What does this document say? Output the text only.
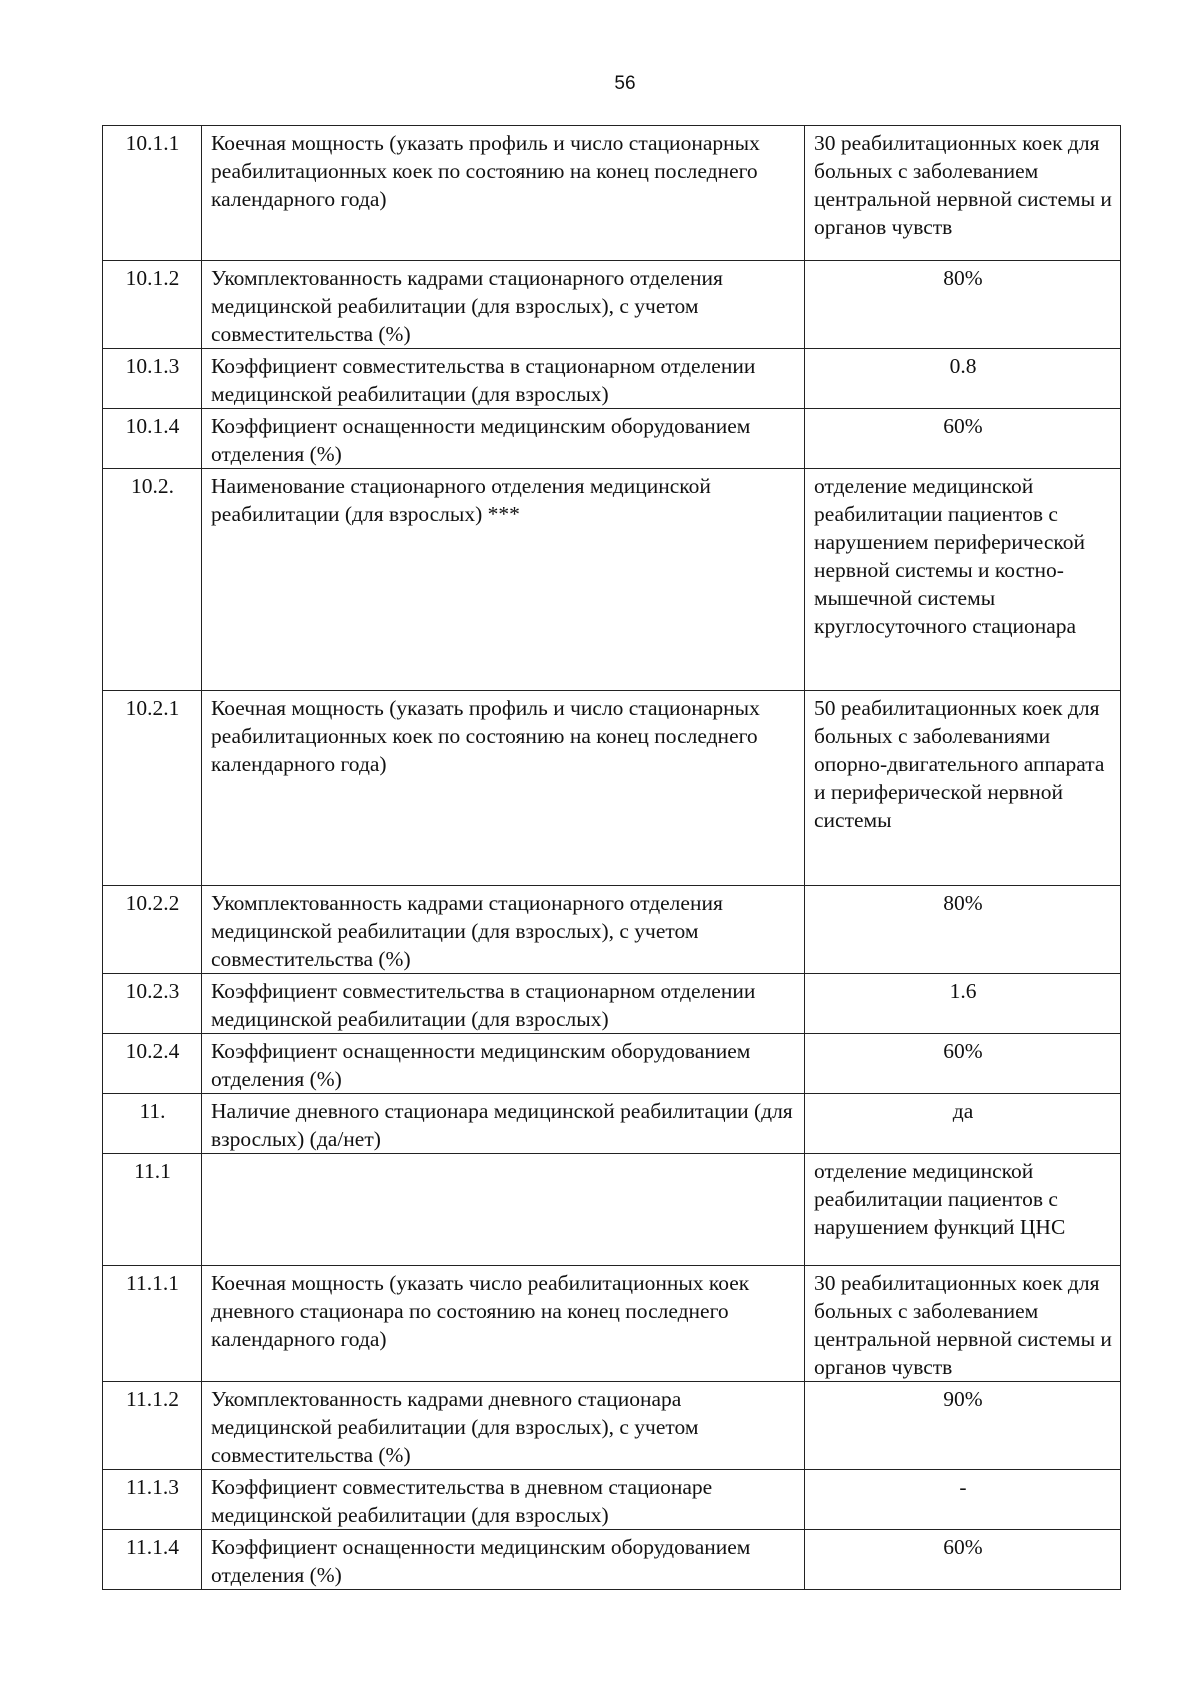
56
10.1.1	Коечная мощность (указать профиль и число стационарных реабилитационных коек по состоянию на конец последнего календарного года)	30 реабилитационных коек для больных с заболеванием центральной нервной системы и органов чувств
10.1.2	Укомплектованность кадрами стационарного отделения медицинской реабилитации (для взрослых), с учетом совместительства (%)	80%
10.1.3	Коэффициент совместительства в стационарном отделении медицинской реабилитации (для взрослых)	0.8
10.1.4	Коэффициент оснащенности медицинским оборудованием отделения (%)	60%
10.2.	Наименование стационарного отделения медицинской реабилитации (для взрослых) ***	отделение медицинской реабилитации пациентов с нарушением периферической нервной системы и костно-мышечной системы круглосуточного стационара
10.2.1	Коечная мощность (указать профиль и число стационарных реабилитационных коек по состоянию на конец последнего календарного года)	50 реабилитационных коек для больных с заболеваниями опорно-двигательного аппарата и периферической нервной системы
10.2.2	Укомплектованность кадрами стационарного отделения медицинской реабилитации (для взрослых), с учетом совместительства (%)	80%
10.2.3	Коэффициент совместительства в стационарном отделении медицинской реабилитации (для взрослых)	1.6
10.2.4	Коэффициент оснащенности медицинским оборудованием отделения (%)	60%
11.	Наличие дневного стационара медицинской реабилитации (для взрослых) (да/нет)	да
11.1		отделение медицинской реабилитации пациентов с нарушением функций ЦНС
11.1.1	Коечная мощность (указать число реабилитационных коек дневного стационара по состоянию на конец последнего календарного года)	30 реабилитационных коек для больных с заболеванием центральной нервной системы и органов чувств
11.1.2	Укомплектованность кадрами дневного стационара медицинской реабилитации (для взрослых), с учетом совместительства (%)	90%
11.1.3	Коэффициент совместительства в дневном стационаре медицинской реабилитации (для взрослых)	-
11.1.4	Коэффициент оснащенности медицинским оборудованием отделения (%)	60%
